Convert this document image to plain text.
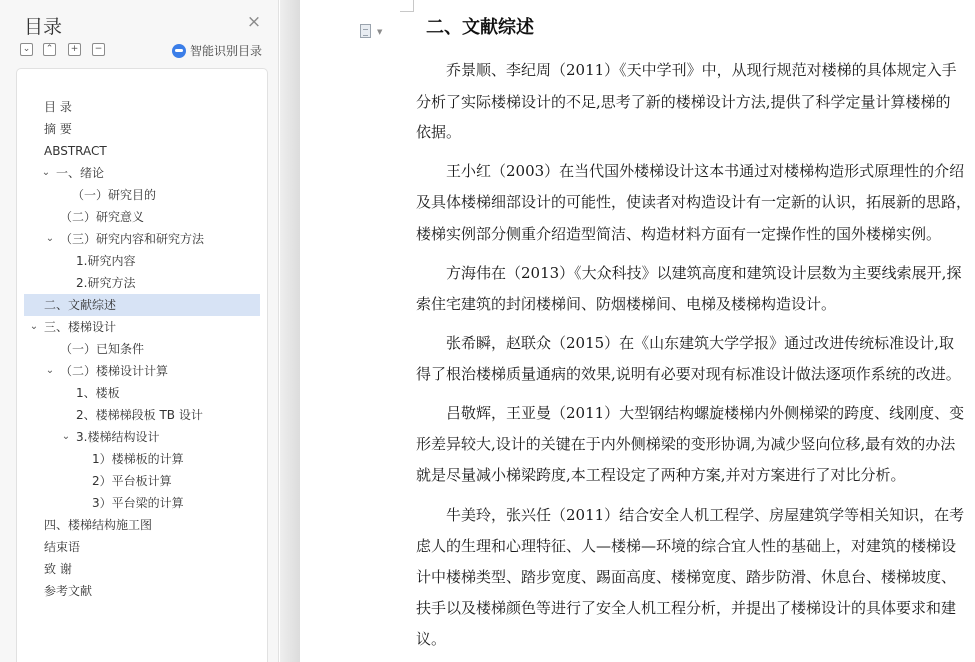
目录	×
⌄	⌃	+	−	智能识别目录
目 录
摘 要
ABSTRACT
⌄ 一、绪论
（一）研究目的
（二）研究意义
⌄ （三）研究内容和研究方法
1.研究内容
2.研究方法
二、文献综述
⌄ 三、楼梯设计
（一）已知条件
⌄ （二）楼梯设计计算
1、楼板
2、楼梯梯段板 TB 设计
⌄ 3.楼梯结构设计
1）楼梯板的计算
2）平台板计算
3）平台梁的计算
四、楼梯结构施工图
结束语
致 谢
参考文献
▼ 二、文献综述
　　乔景顺、李纪周（2011）《天中学刊》中，从现行规范对楼梯的具体规定入手
分析了实际楼梯设计的不足,思考了新的楼梯设计方法,提供了科学定量计算楼梯的
依据。
　　王小红（2003）在当代国外楼梯设计这本书通过对楼梯构造形式原理性的介绍
及具体楼梯细部设计的可能性，使读者对构造设计有一定新的认识，拓展新的思路，
楼梯实例部分侧重介绍造型简洁、构造材料方面有一定操作性的国外楼梯实例。
　　方海伟在（2013）《大众科技》以建筑高度和建筑设计层数为主要线索展开,探
索住宅建筑的封闭楼梯间、防烟楼梯间、电梯及楼梯构造设计。
　　张希瞬，赵联众（2015）在《山东建筑大学学报》通过改进传统标准设计,取
得了根治楼梯质量通病的效果,说明有必要对现有标准设计做法逐项作系统的改进。
　　吕敬辉，王亚曼（2011）大型钢结构螺旋楼梯内外侧梯梁的跨度、线刚度、变
形差异较大,设计的关键在于内外侧梯梁的变形协调,为减少竖向位移,最有效的办法
就是尽量减小梯梁跨度,本工程设定了两种方案,并对方案进行了对比分析。
　　牛美玲，张兴任（2011）结合安全人机工程学、房屋建筑学等相关知识，在考
虑人的生理和心理特征、人—楼梯—环境的综合宜人性的基础上，对建筑的楼梯设
计中楼梯类型、踏步宽度、踢面高度、楼梯宽度、踏步防滑、休息台、楼梯坡度、
扶手以及楼梯颜色等进行了安全人机工程分析，并提出了楼梯设计的具体要求和建
议。
